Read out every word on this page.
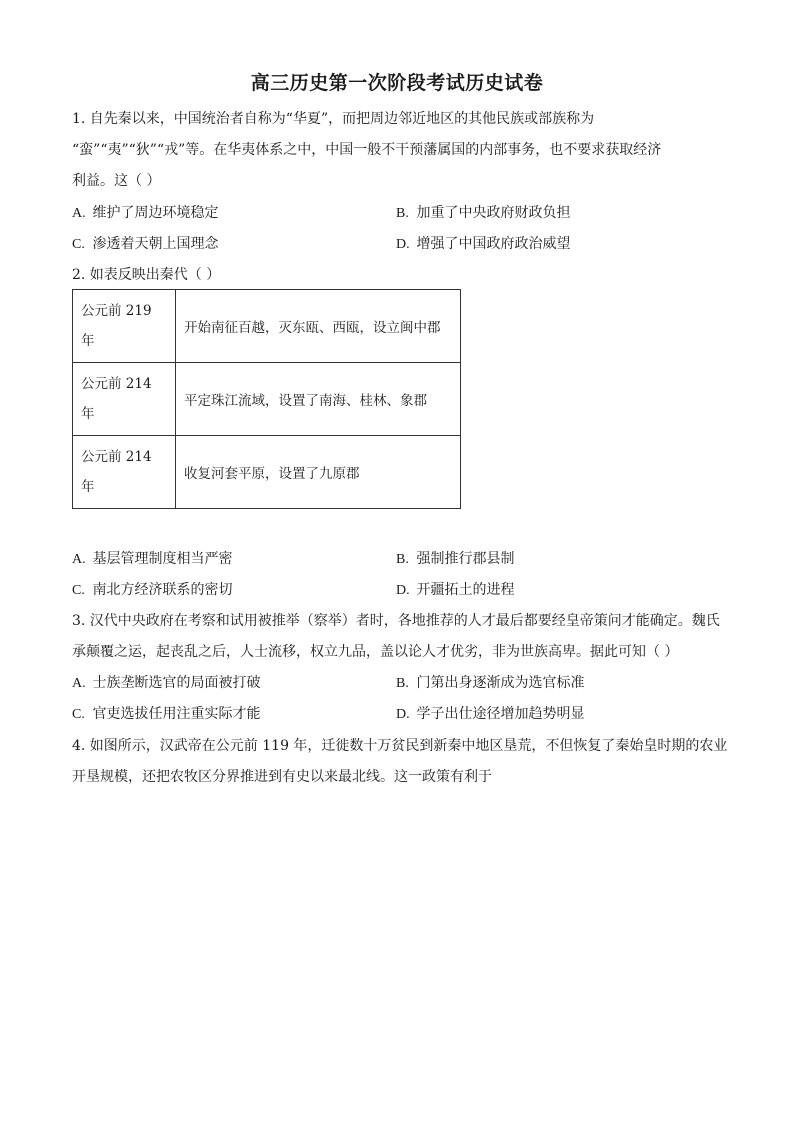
高三历史第一次阶段考试历史试卷
1. 自先秦以来，中国统治者自称为“华夏”，而把周边邻近地区的其他民族或部族称为
“蛮”“夷”“狄”“戎”等。在华夷体系之中，中国一般不干预藩属国的内部事务，也不要求获取经济
利益。这（ ）
A. 维护了周边环境稳定	B. 加重了中央政府财政负担
C. 渗透着天朝上国理念	D. 增强了中国政府政治威望
2. 如表反映出秦代（ ）
公元前 219
年	开始南征百越，灭东瓯、西瓯，设立闽中郡
公元前 214
年	平定珠江流域，设置了南海、桂林、象郡
公元前 214
年	收复河套平原，设置了九原郡
A. 基层管理制度相当严密	B. 强制推行郡县制
C. 南北方经济联系的密切	D. 开疆拓土的进程
3. 汉代中央政府在考察和试用被推举（察举）者时，各地推荐的人才最后都要经皇帝策问才能确定。魏氏
承颠覆之运，起丧乱之后，人士流移，权立九品，盖以论人才优劣，非为世族高卑。据此可知（ ）
A. 士族垄断选官的局面被打破	B. 门第出身逐渐成为选官标准
C. 官吏选拔任用注重实际才能	D. 学子出仕途径增加趋势明显
4. 如图所示，汉武帝在公元前 119 年，迁徙数十万贫民到新秦中地区垦荒，不但恢复了秦始皇时期的农业
开垦规模，还把农牧区分界推进到有史以来最北线。这一政策有利于
